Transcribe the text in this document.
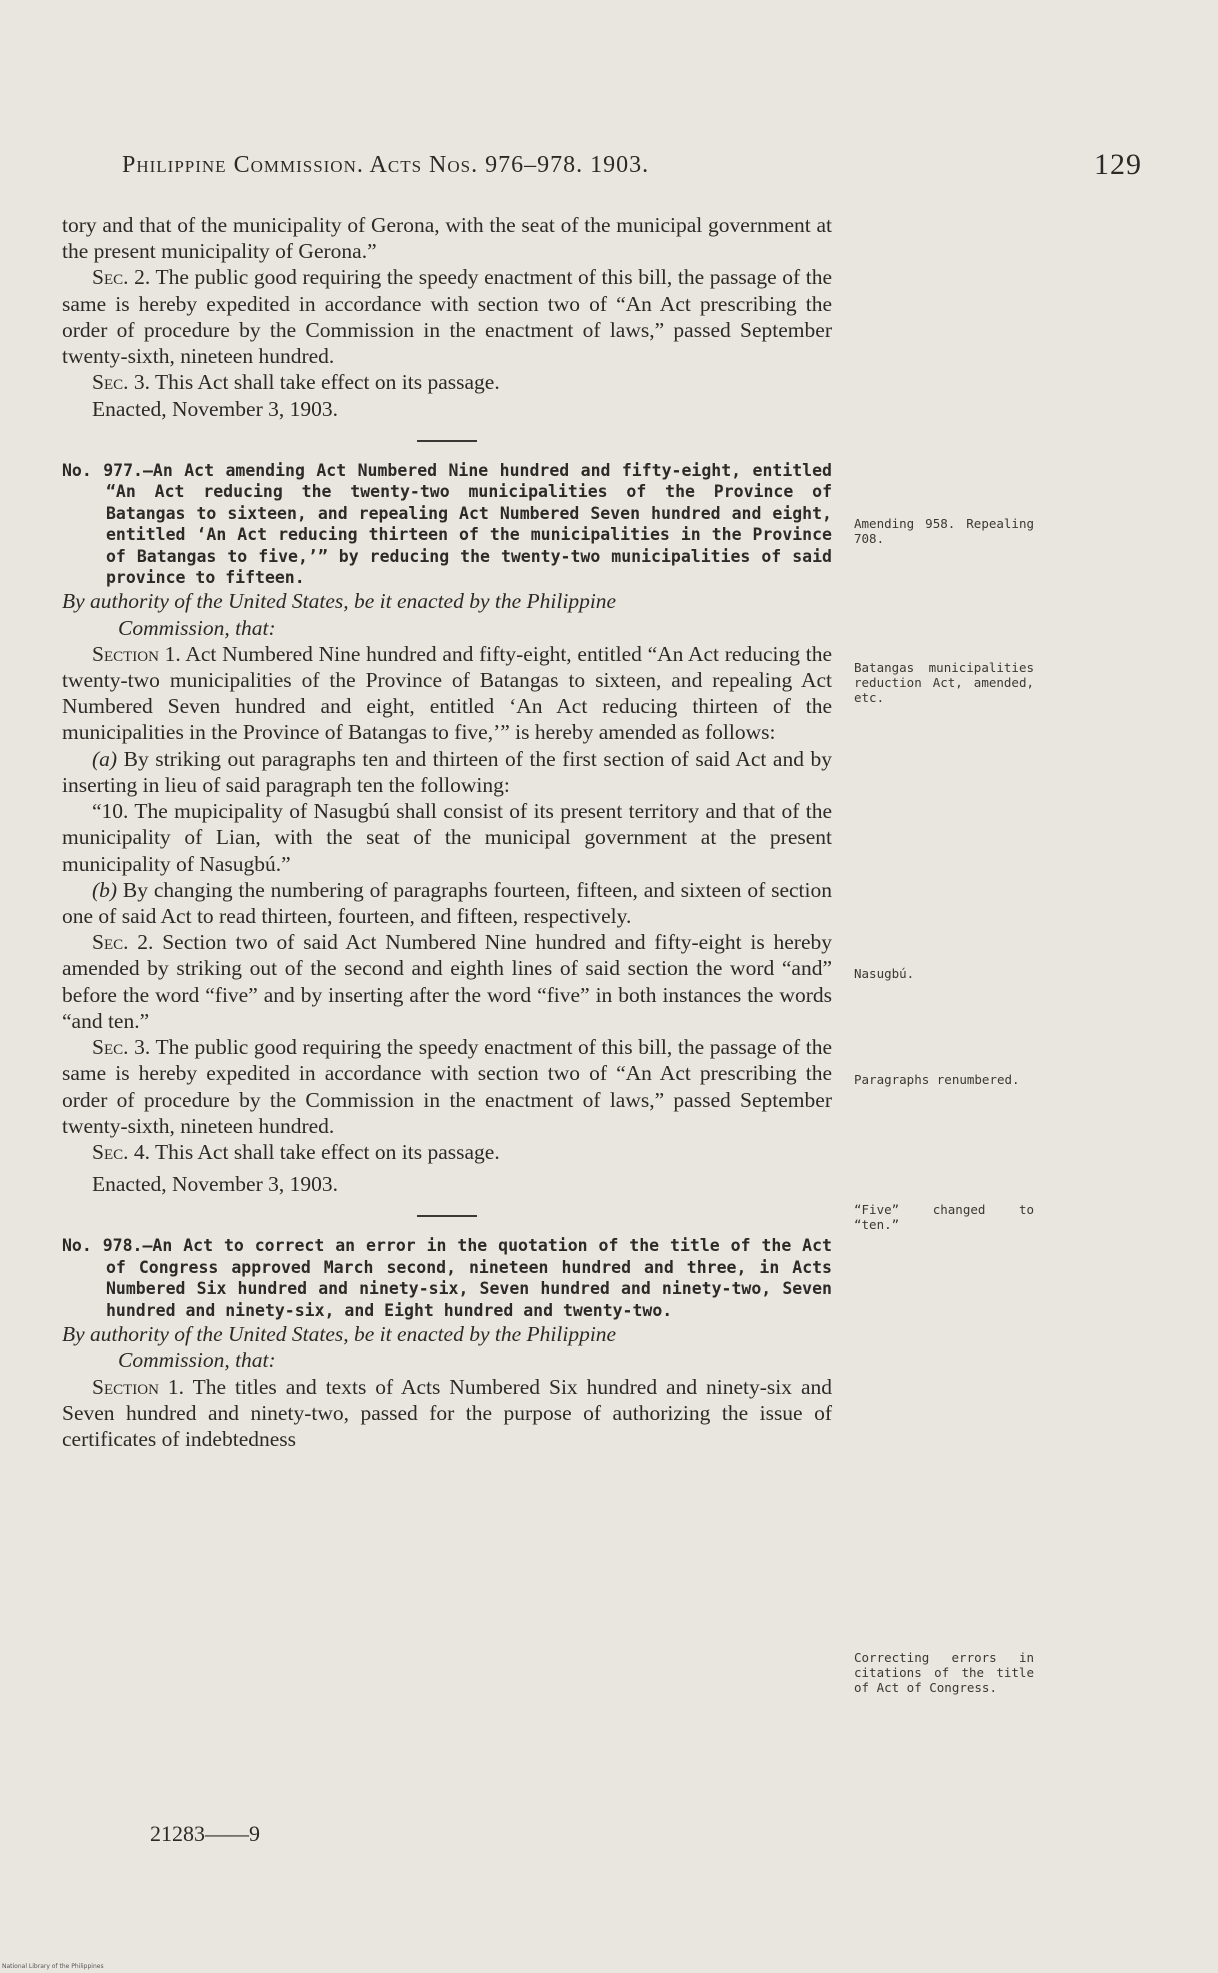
Philippine Commission. Acts Nos. 976–978. 1903.	129

tory and that of the municipality of Gerona, with the seat of the municipal government at the present municipality of Gerona.”

Sec. 2. The public good requiring the speedy enactment of this bill, the passage of the same is hereby expedited in accordance with section two of “An Act prescribing the order of procedure by the Commission in the enactment of laws,” passed September twenty-sixth, nineteen hundred.

Sec. 3. This Act shall take effect on its passage.

Enacted, November 3, 1903.

No. 977.—An Act amending Act Numbered Nine hundred and fifty-eight, entitled “An Act reducing the twenty-two municipalities of the Province of Batangas to sixteen, and repealing Act Numbered Seven hundred and eight, entitled ‘An Act reducing thirteen of the municipalities in the Province of Batangas to five,’” by reducing the twenty-two municipalities of said province to fifteen.

By authority of the United States, be it enacted by the Philippine
Commission, that:

Section 1. Act Numbered Nine hundred and fifty-eight, entitled “An Act reducing the twenty-two municipalities of the Province of Batangas to sixteen, and repealing Act Numbered Seven hundred and eight, entitled ‘An Act reducing thirteen of the municipalities in the Province of Batangas to five,’” is hereby amended as follows:

(a) By striking out paragraphs ten and thirteen of the first section of said Act and by inserting in lieu of said paragraph ten the following:

“10. The mupicipality of Nasugbú shall consist of its present territory and that of the municipality of Lian, with the seat of the municipal government at the present municipality of Nasugbú.”

(b) By changing the numbering of paragraphs fourteen, fifteen, and sixteen of section one of said Act to read thirteen, fourteen, and fifteen, respectively.

Sec. 2. Section two of said Act Numbered Nine hundred and fifty-eight is hereby amended by striking out of the second and eighth lines of said section the word “and” before the word “five” and by inserting after the word “five” in both instances the words “and ten.”

Sec. 3. The public good requiring the speedy enactment of this bill, the passage of the same is hereby expedited in accordance with section two of “An Act prescribing the order of procedure by the Commission in the enactment of laws,” passed September twenty-sixth, nineteen hundred.

Sec. 4. This Act shall take effect on its passage.

Enacted, November 3, 1903.

No. 978.—An Act to correct an error in the quotation of the title of the Act of Congress approved March second, nineteen hundred and three, in Acts Numbered Six hundred and ninety-six, Seven hundred and ninety-two, Seven hundred and ninety-six, and Eight hundred and twenty-two.

By authority of the United States, be it enacted by the Philippine
Commission, that:

Section 1. The titles and texts of Acts Numbered Six hundred and ninety-six and Seven hundred and ninety-two, passed for the purpose of authorizing the issue of certificates of indebtedness

Amending 958. Repealing 708.
Batangas municipalities reduction Act, amended, etc.
Nasugbú.
Paragraphs renumbered.
“Five” changed to “ten.”
Correcting errors in citations of the title of Act of Congress.
21283——9
National Library of the Philippines
